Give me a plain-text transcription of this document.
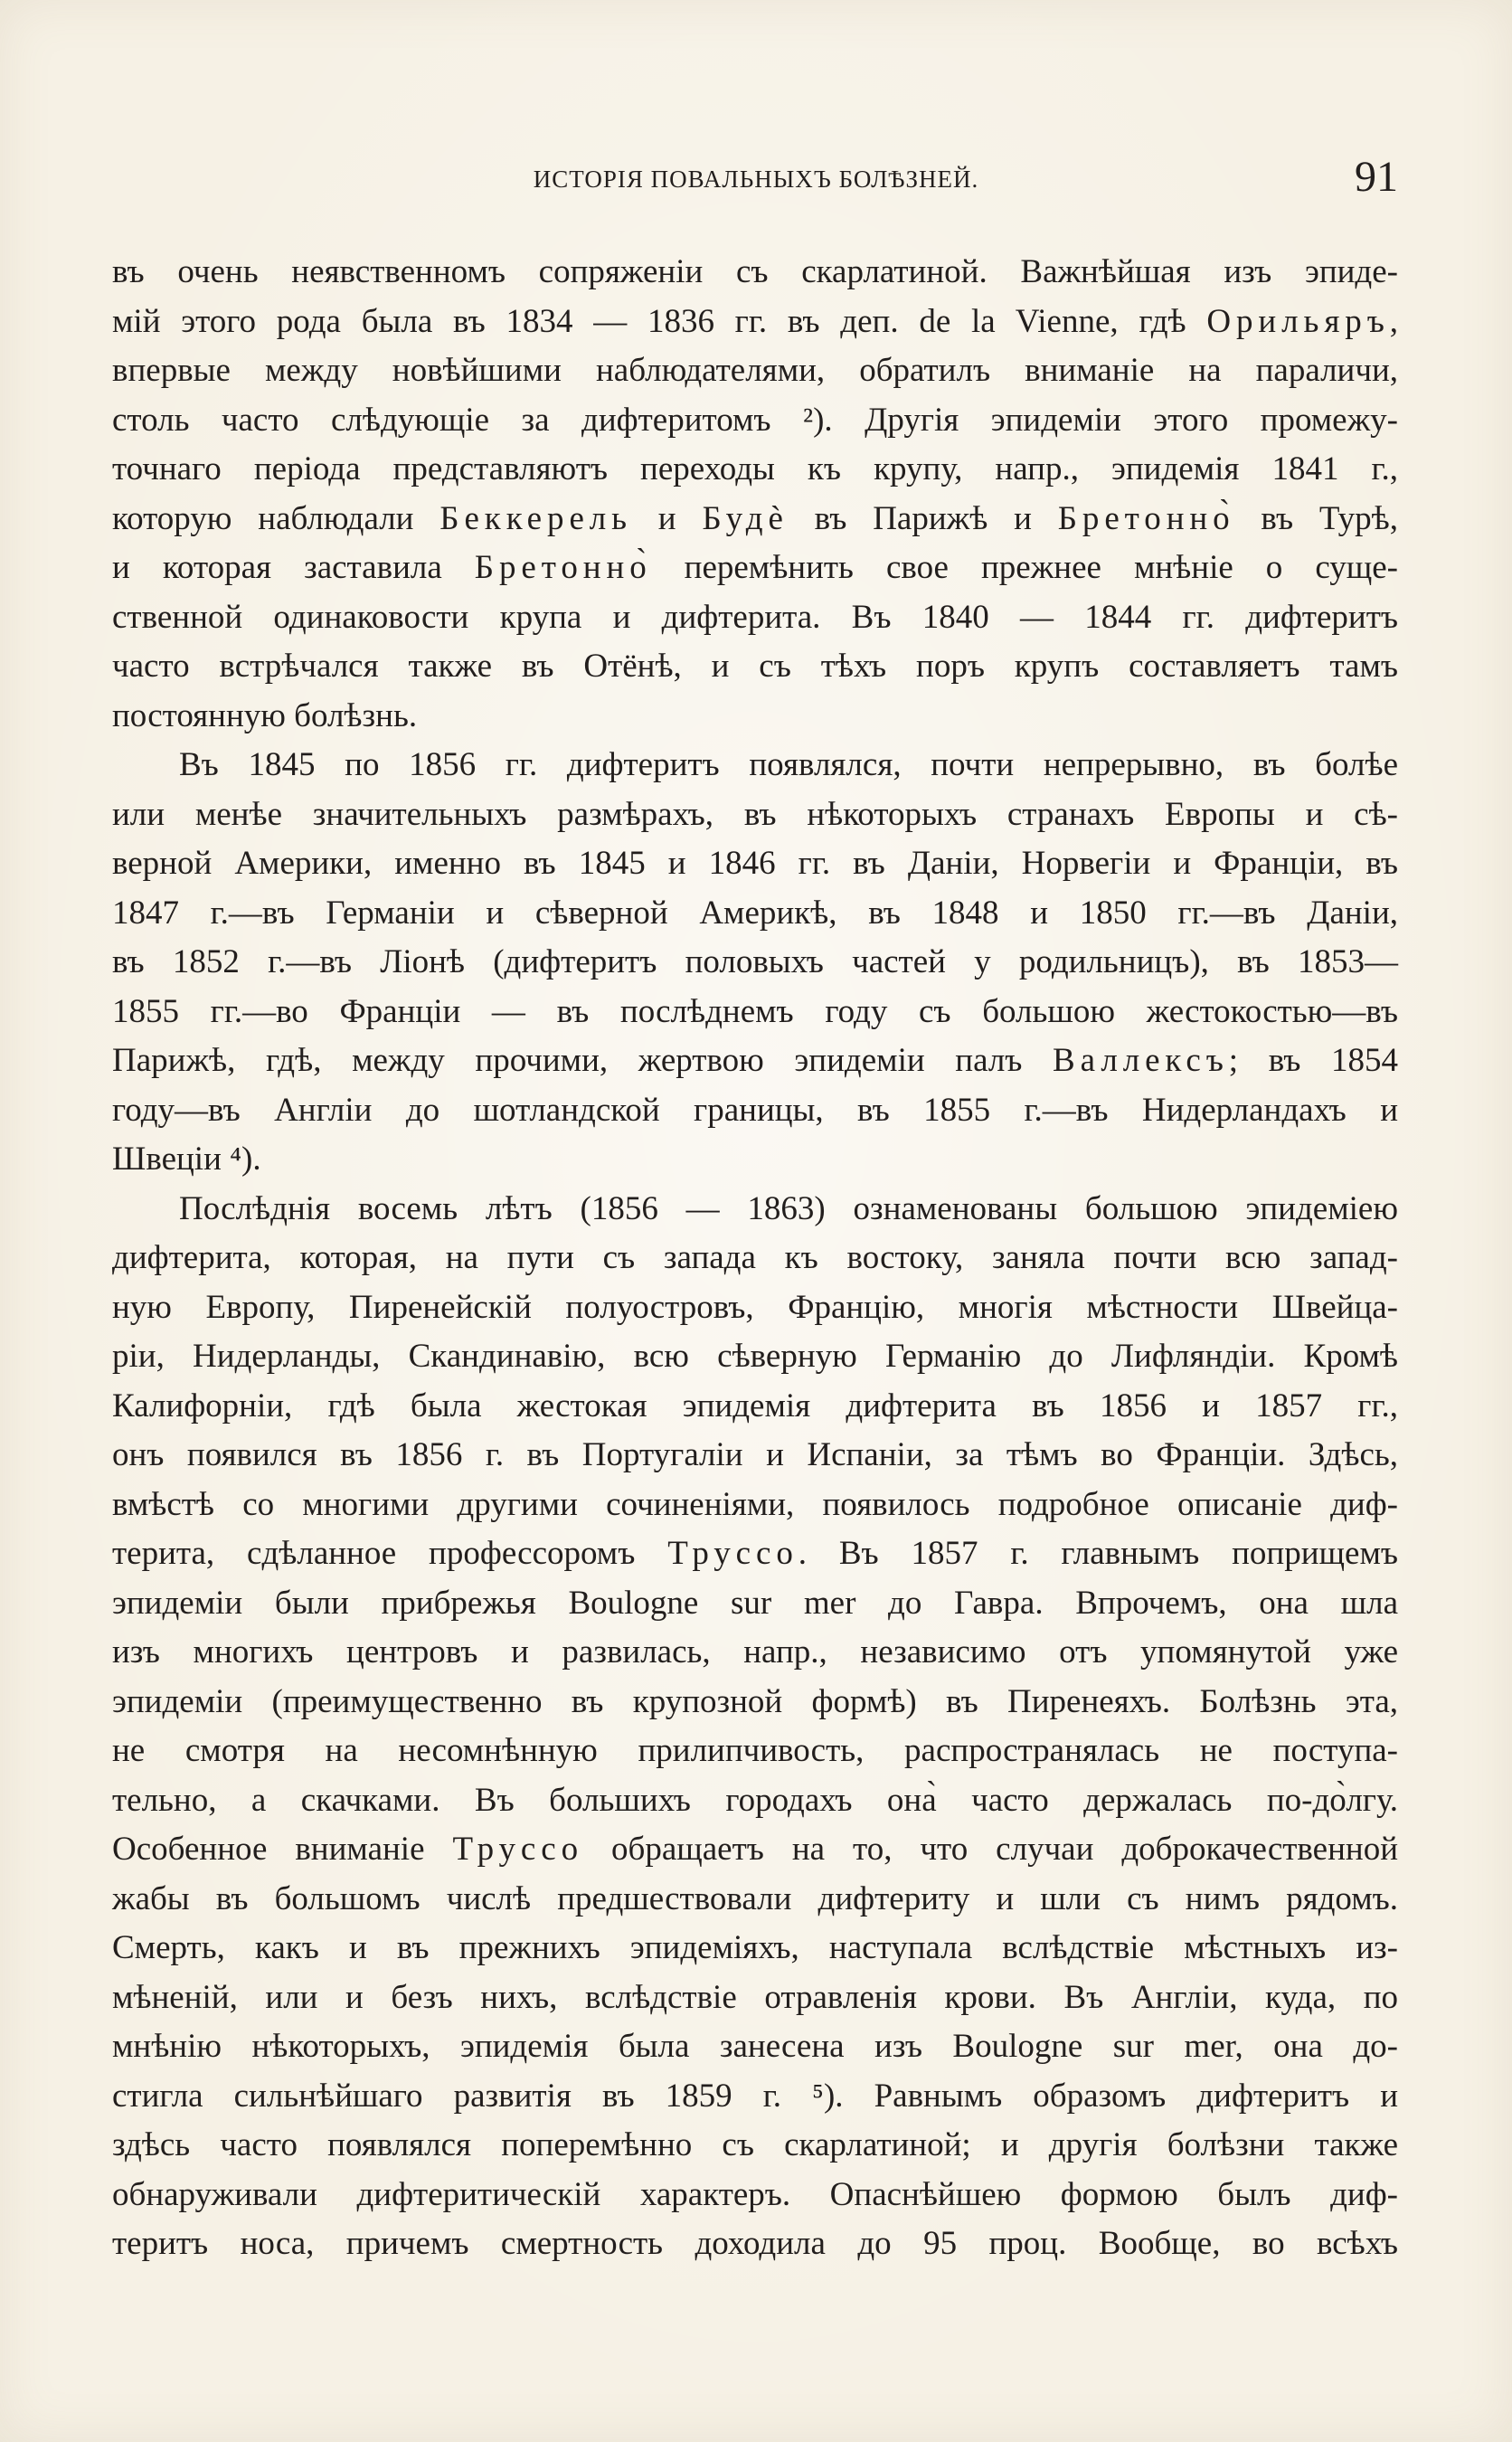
ИСТОРІЯ ПОВАЛЬНЫХЪ БОЛѢЗНЕЙ.	91
въ очень неявственномъ сопряженіи съ скарлатиной. Важнѣйшая изъ эпиде-
мій этого рода была въ 1834 — 1836 гг. въ деп. de la Vienne, гдѣ Орильяръ,
впервые между новѣйшими наблюдателями, обратилъ вниманіе на параличи,
столь часто слѣдующіе за дифтеритомъ ²). Другія эпидеміи этого промежу-
точнаго періода представляютъ переходы къ крупу, напр., эпидемія 1841 г.,
которую наблюдали Беккерель и Будѐ въ Парижѣ и Бретонно̀ въ Турѣ,
и которая заставила Бретонно̀ перемѣнить свое прежнее мнѣніе о суще-
ственной одинаковости крупа и дифтерита. Въ 1840 — 1844 гг. дифтеритъ
часто встрѣчался также въ Отёнѣ, и съ тѣхъ поръ крупъ составляетъ тамъ
постоянную болѣзнь.
Въ 1845 по 1856 гг. дифтеритъ появлялся, почти непрерывно, въ болѣе
или менѣе значительныхъ размѣрахъ, въ нѣкоторыхъ странахъ Европы и сѣ-
верной Америки, именно въ 1845 и 1846 гг. въ Даніи, Норвегіи и Франціи, въ
1847 г.—въ Германіи и сѣверной Америкѣ, въ 1848 и 1850 гг.—въ Даніи,
въ 1852 г.—въ Ліонѣ (дифтеритъ половыхъ частей у родильницъ), въ 1853—
1855 гг.—во Франціи — въ послѣднемъ году съ большою жестокостью—въ
Парижѣ, гдѣ, между прочими, жертвою эпидеміи палъ Валлексъ; въ 1854
году—въ Англіи до шотландской границы, въ 1855 г.—въ Нидерландахъ и
Швеціи ⁴).
Послѣднія восемь лѣтъ (1856 — 1863) ознаменованы большою эпидеміею
дифтерита, которая, на пути съ запада къ востоку, заняла почти всю запад-
ную Европу, Пиренейскій полуостровъ, Францію, многія мѣстности Швейца-
ріи, Нидерланды, Скандинавію, всю сѣверную Германію до Лифляндіи. Кромѣ
Калифорніи, гдѣ была жестокая эпидемія дифтерита въ 1856 и 1857 гг.,
онъ появился въ 1856 г. въ Португаліи и Испаніи, за тѣмъ во Франціи. Здѣсь,
вмѣстѣ со многими другими сочиненіями, появилось подробное описаніе диф-
терита, сдѣланное профессоромъ Труссо. Въ 1857 г. главнымъ поприщемъ
эпидеміи были прибрежья Boulogne sur mer до Гавра. Впрочемъ, она шла
изъ многихъ центровъ и развилась, напр., независимо отъ упомянутой уже
эпидеміи (преимущественно въ крупозной формѣ) въ Пиренеяхъ. Болѣзнь эта,
не смотря на несомнѣнную прилипчивость, распространялась не поступа-
тельно, а скачками. Въ большихъ городахъ она̀ часто держалась по-до̀лгу.
Особенное вниманіе Труссо обращаетъ на то, что случаи доброкачественной
жабы въ большомъ числѣ предшествовали дифтериту и шли съ нимъ рядомъ.
Смерть, какъ и въ прежнихъ эпидеміяхъ, наступала вслѣдствіе мѣстныхъ из-
мѣненій, или и безъ нихъ, вслѣдствіе отравленія крови. Въ Англіи, куда, по
мнѣнію нѣкоторыхъ, эпидемія была занесена изъ Boulogne sur mer, она до-
стигла сильнѣйшаго развитія въ 1859 г. ⁵). Равнымъ образомъ дифтеритъ и
здѣсь часто появлялся поперемѣнно съ скарлатиной; и другія болѣзни также
обнаруживали дифтеритическій характеръ. Опаснѣйшею формою былъ диф-
теритъ носа, причемъ смертность доходила до 95 проц. Вообще, во всѣхъ
